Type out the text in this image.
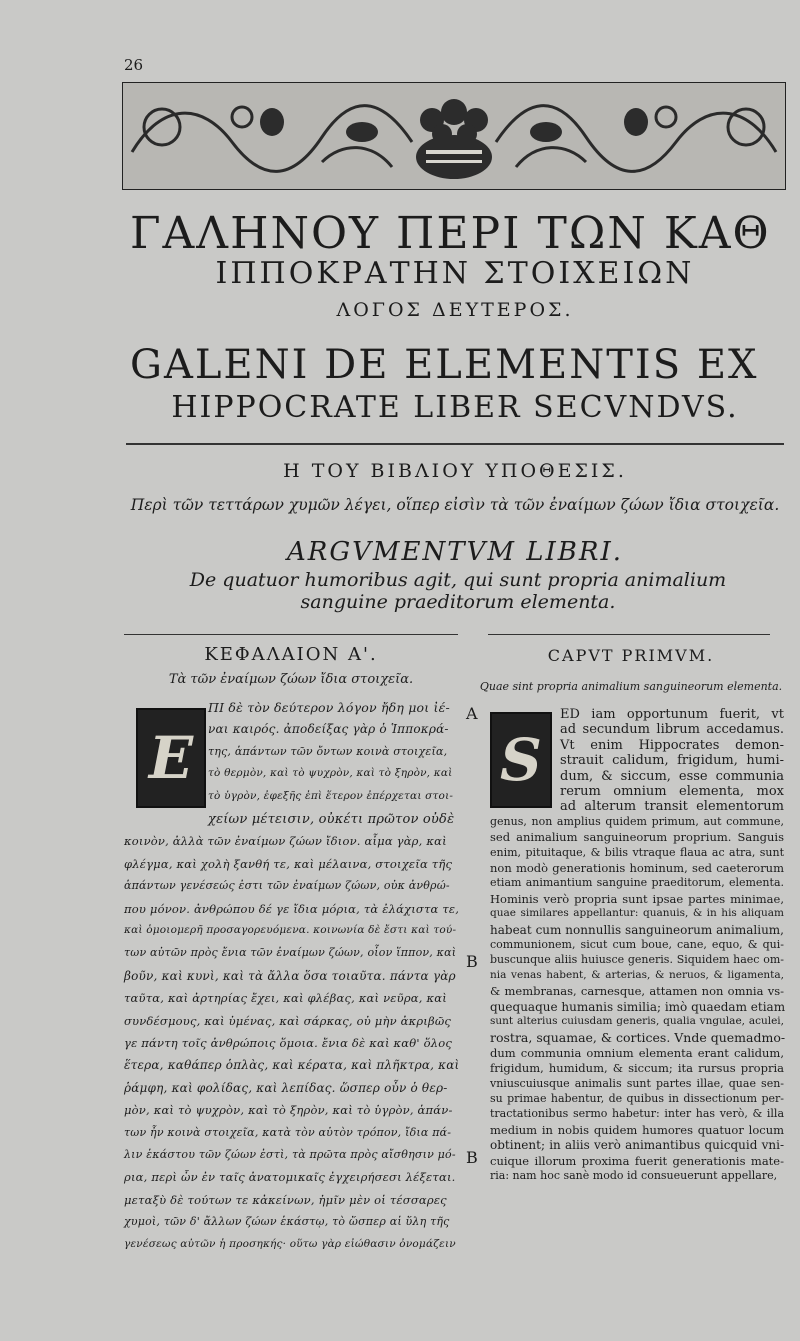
26
ΓΑΛΗΝΟΥ ΠΕΡΙ ΤΩΝ ΚΑΘ
ΙΠΠΟΚΡΑΤΗΝ ΣΤΟΙΧΕΙΩΝ
ΛΟΓΟΣ ΔΕΥΤΕΡΟΣ.
GALENI DE ELEMENTIS EX
HIPPOCRATE LIBER SECVNDVS.
Η ΤΟΥ ΒΙΒΛΙΟΥ ΥΠΟΘΕΣΙΣ.
Περὶ τῶν τεττάρων χυμῶν λέγει, οἵπερ εἰσὶν τὰ τῶν ἐναίμων ζώων ἴδια στοιχεῖα.
ARGVMENTVM LIBRI.
De quatuor humoribus agit, qui sunt propria animalium sanguine praeditorum elementa.
ΚΕΦΑΛΑΙΟΝ Α'.
Τὰ τῶν ἐναίμων ζώων ἴδια στοιχεῖα.
CAPVT PRIMVM.
Quae sint propria animalium sanguineorum elementa.
E	S
ΠΙ δὲ τὸν δεύτερον λόγον ἤδη μοι ἰέ-
ναι καιρός. ἀποδείξας γὰρ ὁ Ἱπποκρά-
της, ἁπάντων τῶν ὄντων κοινὰ στοιχεῖα,
τὸ θερμὸν, καὶ τὸ ψυχρὸν, καὶ τὸ ξηρὸν, καὶ
τὸ ὑγρὸν, ἐφεξῆς ἐπὶ ἕτερον ἐπέρχεται στοι-
χείων μέτεισιν, οὐκέτι πρῶτον οὐδὲ
κοινὸν, ἀλλὰ τῶν ἐναίμων ζώων ἴδιον. αἷμα γὰρ, καὶ
φλέγμα, καὶ χολὴ ξανθή τε, καὶ μέλαινα, στοιχεῖα τῆς
ἁπάντων γενέσεώς ἐστι τῶν ἐναίμων ζώων, οὐκ ἀνθρώ-
που μόνον. ἀνθρώπου δέ γε ἴδια μόρια, τὰ ἐλάχιστα τε,
καὶ ὁμοιομερῆ προσαγορευόμενα. κοινωνία δὲ ἔστι καὶ τού-
των αὐτῶν πρὸς ἔνια τῶν ἐναίμων ζώων, οἷον ἵππον, καὶ
βοῦν, καὶ κυνὶ, καὶ τὰ ἄλλα ὅσα τοιαῦτα. πάντα γὰρ
ταῦτα, καὶ ἀρτηρίας ἔχει, καὶ φλέβας, καὶ νεῦρα, καὶ
συνδέσμους, καὶ ὑμένας, καὶ σάρκας, οὐ μὴν ἀκριβῶς
γε πάντη τοῖς ἀνθρώποις ὅμοια. ἔνια δὲ καὶ καθ' ὅλος
ἕτερα, καθάπερ ὁπλὰς, καὶ κέρατα, καὶ πλῆκτρα, καὶ
ῥάμφη, καὶ φολίδας, καὶ λεπίδας. ὥσπερ οὖν ὁ θερ-
μὸν, καὶ τὸ ψυχρὸν, καὶ τὸ ξηρὸν, καὶ τὸ ὑγρὸν, ἁπάν-
των ἦν κοινὰ στοιχεῖα, κατὰ τὸν αὐτὸν τρόπον, ἴδια πά-
λιν ἑκάστου τῶν ζώων ἐστὶ, τὰ πρῶτα πρὸς αἴσθησιν μό-
ρια, περὶ ὧν ἐν ταῖς ἀνατομικαῖς ἐγχειρήσεσι λέξεται.
μεταξὺ δὲ τούτων τε κἀκείνων, ἡμῖν μὲν οἱ τέσσαρες
χυμοὶ, τῶν δ' ἄλλων ζώων ἑκάστῳ, τὸ ὥσπερ αἱ ὕλη τῆς
γενέσεως αὐτῶν ἡ προσηκής· οὕτω γὰρ εἰώθασιν ὀνομάζειν
ED iam opportunum fuerit, vt
ad secundum librum accedamus.
Vt enim Hippocrates demon-
strauit calidum, frigidum, humi-
dum, & siccum, esse communia
rerum omnium elementa, mox
ad alterum transit elementorum
genus, non amplius quidem primum, aut commune,
sed animalium sanguineorum proprium. Sanguis
enim, pituitaque, & bilis vtraque flaua ac atra, sunt
non modò generationis hominum, sed caeterorum
etiam animantium sanguine praeditorum, elementa.
Hominis verò propria sunt ipsae partes minimae,
quae similares appellantur: quanuis, & in his aliquam
habeat cum nonnullis sanguineorum animalium,
communionem, sicut cum boue, cane, equo, & qui-
buscunque aliis huiusce generis. Siquidem haec om-
nia venas habent, & arterias, & neruos, & ligamenta,
& membranas, carnesque, attamen non omnia vs-
quequaque humanis similia; imò quaedam etiam
sunt alterius cuiusdam generis, qualia vngulae, aculei,
rostra, squamae, & cortices. Vnde quemadmo-
dum communia omnium elementa erant calidum,
frigidum, humidum, & siccum; ita rursus propria
vniuscuiusque animalis sunt partes illae, quae sen-
su primae habentur, de quibus in dissectionum per-
tractationibus sermo habetur: inter has verò, & illa
medium in nobis quidem humores quatuor locum
obtinent; in aliis verò animantibus quicquid vni-
cuique illorum proxima fuerit generationis mate-
ria: nam hoc sanè modo id consueuerunt appellare,
A
B
B
